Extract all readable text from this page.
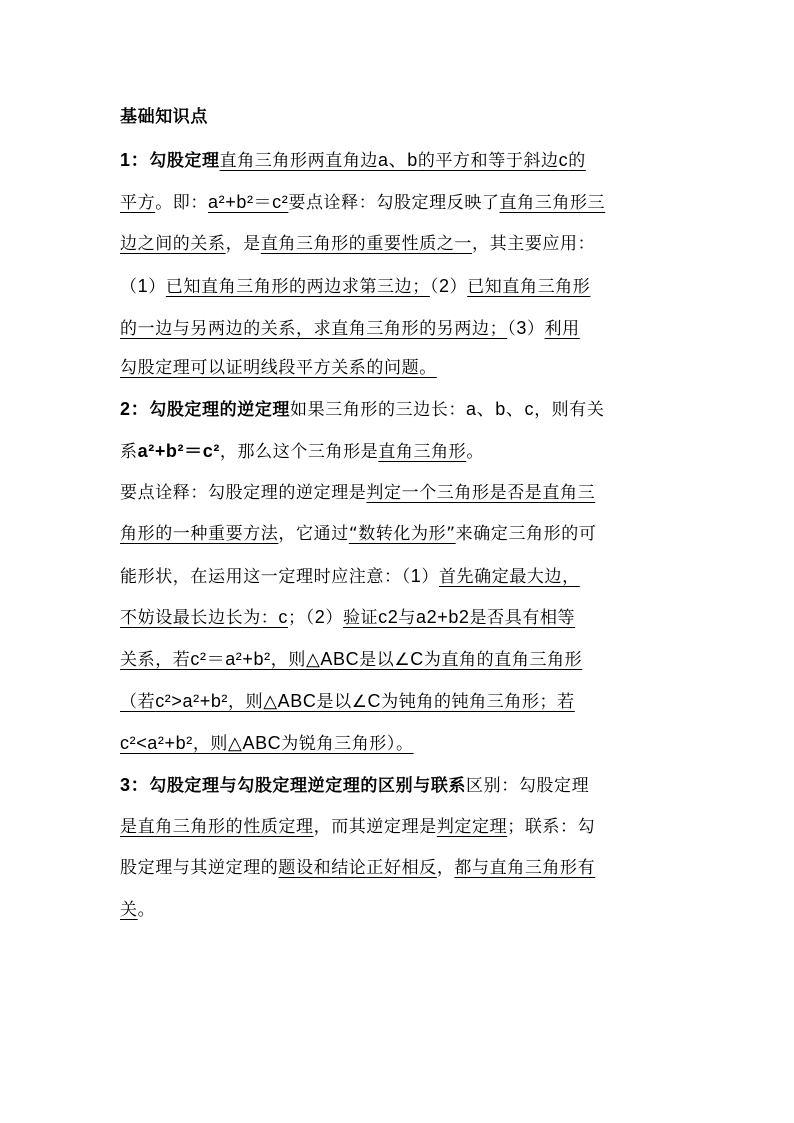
基础知识点
1：勾股定理直角三角形两直角边a、b的平方和等于斜边c的
平方。即：a²+b²＝c²要点诠释：勾股定理反映了直角三角形三
边之间的关系，是直角三角形的重要性质之一，其主要应用：
（1）已知直角三角形的两边求第三边；（2）已知直角三角形
的一边与另两边的关系，求直角三角形的另两边；（3）利用
勾股定理可以证明线段平方关系的问题。
2：勾股定理的逆定理如果三角形的三边长：a、b、c，则有关
系a²+b²＝c²，那么这个三角形是直角三角形。
要点诠释：勾股定理的逆定理是判定一个三角形是否是直角三
角形的一种重要方法，它通过“数转化为形”来确定三角形的可
能形状，在运用这一定理时应注意：（1）首先确定最大边，
不妨设最长边长为：c；（2）验证c2与a2+b2是否具有相等
关系，若c²＝a²+b²，则△ABC是以∠C为直角的直角三角形
（若c²>a²+b²，则△ABC是以∠C为钝角的钝角三角形；若
c²<a²+b²，则△ABC为锐角三角形）。
3：勾股定理与勾股定理逆定理的区别与联系区别：勾股定理
是直角三角形的性质定理，而其逆定理是判定定理；联系：勾
股定理与其逆定理的题设和结论正好相反，都与直角三角形有
关。
